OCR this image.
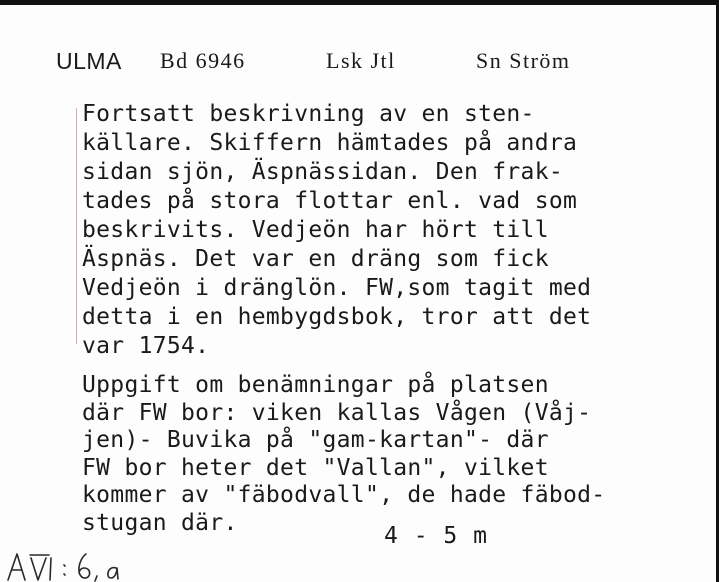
ULMA Bd 6946	Lsk Jtl	Sn Ström
Fortsatt beskrivning av en sten-
källare. Skiffern hämtades på andra
sidan sjön, Äspnässidan. Den frak-
tades på stora flottar enl. vad som
beskrivits. Vedjeön har hört till
Äspnäs. Det var en dräng som fick
Vedjeön i dränglön. FW,som tagit med
detta i en hembygdsbok, tror att det
var 1754.
Uppgift om benämningar på platsen
där FW bor: viken kallas Vågen (Våj-
jen)- Buvika på "gam-kartan"- där
FW bor heter det "Vallan", vilket
kommer av "fäbodvall", de hade fäbod-
stugan där.
4 - 5 m
